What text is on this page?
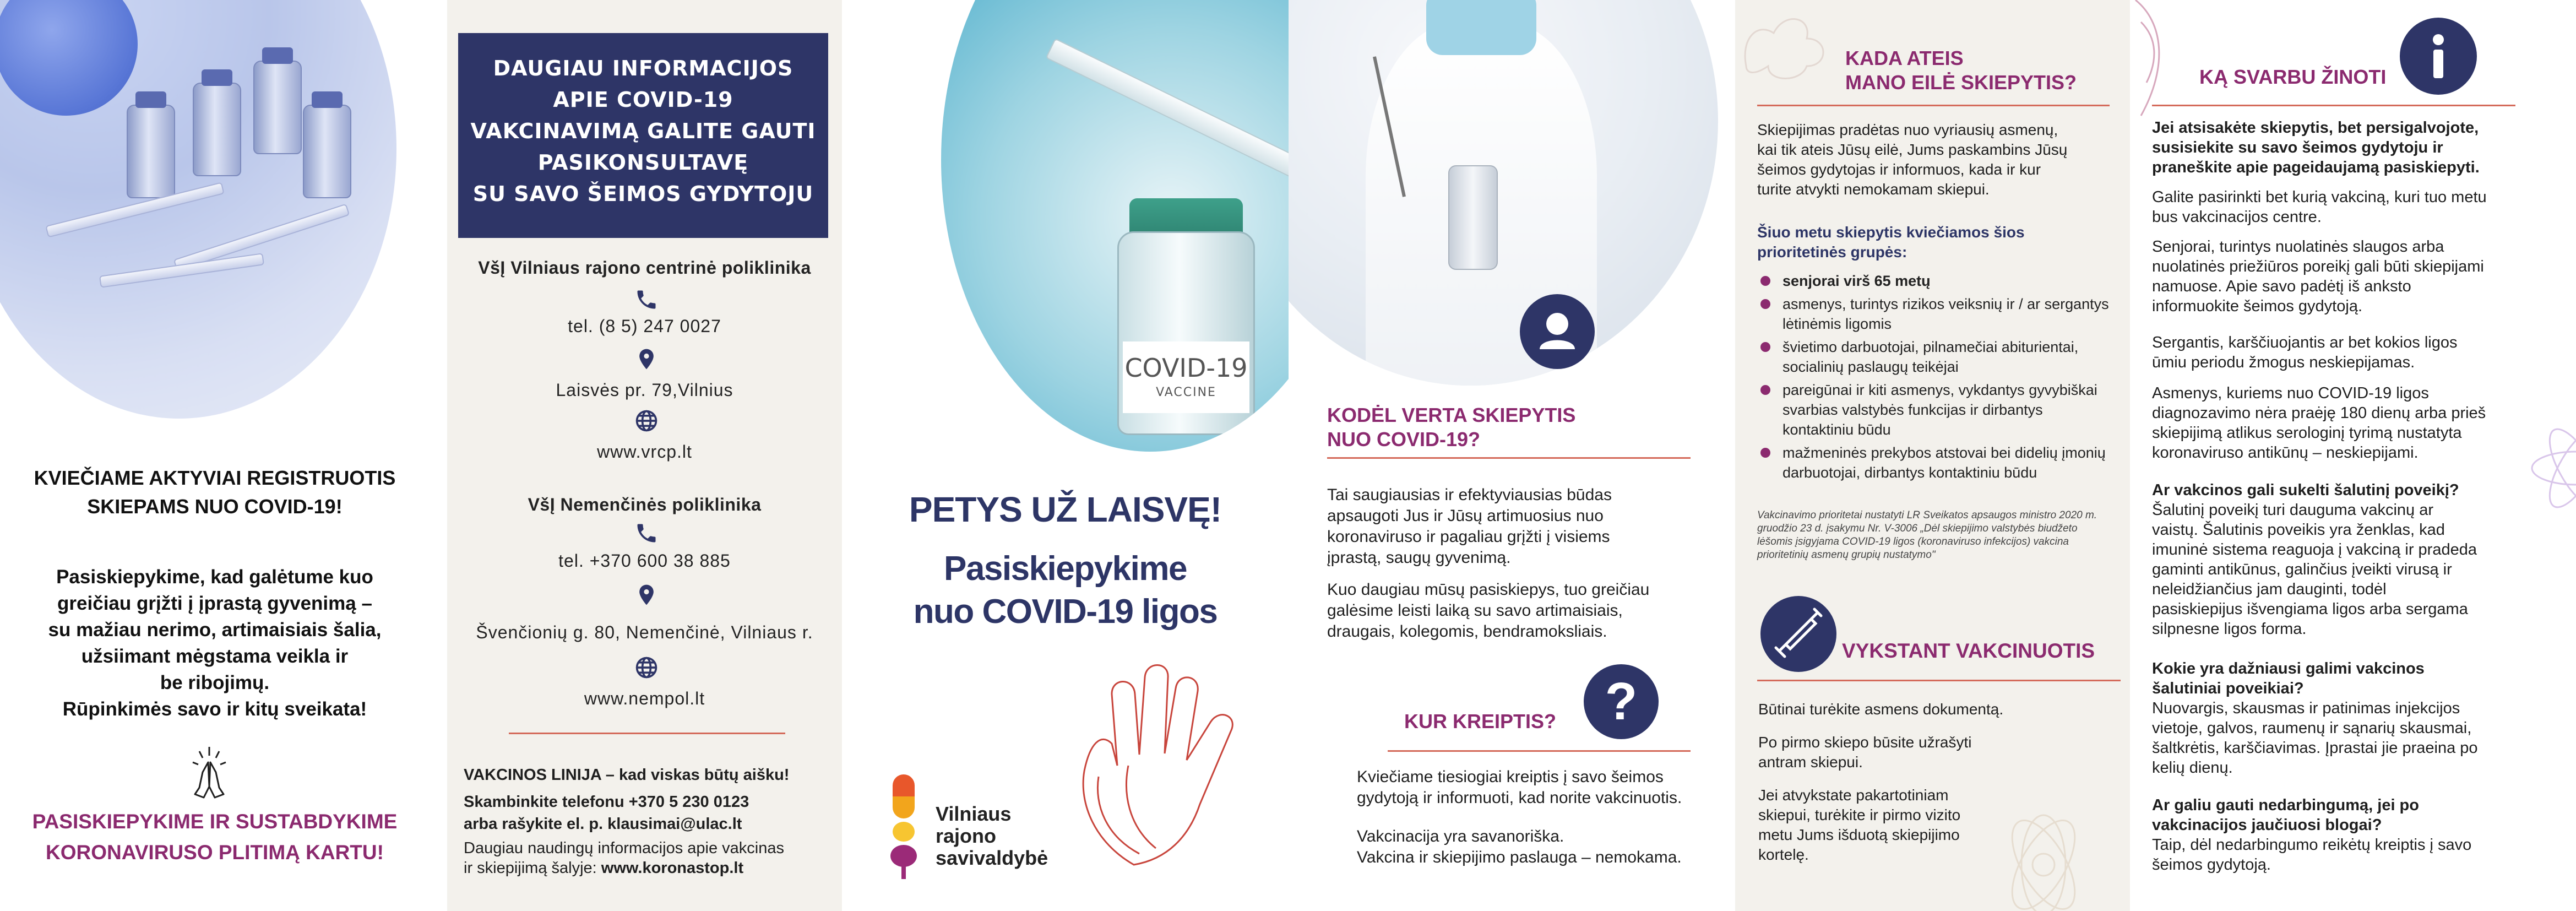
KVIEČIAME AKTYVIAI REGISTRUOTIS
SKIEPAMS NUO COVID-19!
Pasiskiepykime, kad galėtume kuo
greičiau grįžti į įprastą gyvenimą –
su mažiau nerimo, artimaisiais šalia,
užsiimant mėgstama veikla ir
be ribojimų.
Rūpinkimės savo ir kitų sveikata!
PASISKIEPYKIME IR SUSTABDYKIME
KORONAVIRUSO PLITIMĄ KARTU!
DAUGIAU INFORMACIJOS
APIE COVID-19
VAKCINAVIMĄ GALITE GAUTI
PASIKONSULTAVĘ
SU SAVO ŠEIMOS GYDYTOJU
VšĮ Vilniaus rajono centrinė poliklinika
tel. (8 5) 247 0027
Laisvės pr. 79,Vilnius
www.vrcp.lt
VšĮ Nemenčinės poliklinika
tel. +370 600 38 885
Švenčionių g. 80, Nemenčinė, Vilniaus r.
www.nempol.lt
VAKCINOS LINIJA – kad viskas būtų aišku!
Skambinkite telefonu +370 5 230 0123
arba rašykite el. p. klausimai@ulac.lt
Daugiau naudingų informacijos apie vakcinas
ir skiepijimą šalyje: www.koronastop.lt
COVID-19
VACCINE
PETYS UŽ LAISVĘ!
Pasiskiepykime
nuo COVID-19 ligos
Vilniaus
rajono
savivaldybė
KODĖL VERTA SKIEPYTIS
NUO COVID-19?
Tai saugiausias ir efektyviausias būdas
apsaugoti Jus ir Jūsų artimuosius nuo
koronaviruso ir pagaliau grįžti į visiems
įprastą, saugų gyvenimą.
Kuo daugiau mūsų pasiskiepys, tuo greičiau
galėsime leisti laiką su savo artimaisiais,
draugais, kolegomis, bendramoksliais.
KUR KREIPTIS? ?
Kviečiame tiesiogiai kreiptis į savo šeimos
gydytoją ir informuoti, kad norite vakcinuotis.
Vakcinacija yra savanoriška.
Vakcina ir skiepijimo paslauga – nemokama.
KADA ATEIS
MANO EILĖ SKIEPYTIS?
Skiepijimas pradėtas nuo vyriausių asmenų,
kai tik ateis Jūsų eilė, Jums paskambins Jūsų
šeimos gydytojas ir informuos, kada ir kur
turite atvykti nemokamam skiepui.
Šiuo metu skiepytis kviečiamos šios
prioritetinės grupės:
senjorai virš 65 metų
asmenys, turintys rizikos veiksnių ir / ar sergantys lėtinėmis ligomis
švietimo darbuotojai, pilnamečiai abiturientai, socialinių paslaugų teikėjai
pareigūnai ir kiti asmenys, vykdantys gyvybiškai svarbias valstybės funkcijas ir dirbantys kontaktiniu būdu
mažmeninės prekybos atstovai bei didelių įmonių darbuotojai, dirbantys kontaktiniu būdu
Vakcinavimo prioritetai nustatyti LR Sveikatos apsaugos ministro 2020 m.
gruodžio 23 d. įsakymu Nr. V-3006 „Dėl skiepijimo valstybės biudžeto
lėšomis įsigyjama COVID-19 ligos (koronaviruso infekcijos) vakcina
prioritetinių asmenų grupių nustatymo"
VYKSTANT VAKCINUOTIS
Būtinai turėkite asmens dokumentą.
Po pirmo skiepo būsite užrašyti
antram skiepui.
Jei atvykstate pakartotiniam
skiepui, turėkite ir pirmo vizito
metu Jums išduotą skiepijimo
kortelę.
KĄ SVARBU ŽINOTI
Jei atsisakėte skiepytis, bet persigalvojote,
susisiekite su savo šeimos gydytoju ir
praneškite apie pageidaujamą pasiskiepyti.
Galite pasirinkti bet kurią vakciną, kuri tuo metu
bus vakcinacijos centre.
Senjorai, turintys nuolatinės slaugos arba
nuolatinės priežiūros poreikį gali būti skiepijami
namuose. Apie savo padėtį iš anksto
informuokite šeimos gydytoją.
Sergantis, karščiuojantis ar bet kokios ligos
ūmiu periodu žmogus neskiepijamas.
Asmenys, kuriems nuo COVID-19 ligos
diagnozavimo nėra praėję 180 dienų arba prieš
skiepijimą atlikus serologinį tyrimą nustatyta
koronaviruso antikūnų – neskiepijami.
Ar vakcinos gali sukelti šalutinį poveikį?
Šalutinį poveikį turi dauguma vakcinų ar
vaistų. Šalutinis poveikis yra ženklas, kad
imuninė sistema reaguoja į vakciną ir pradeda
gaminti antikūnus, galinčius įveikti virusą ir
neleidžiančius jam dauginti, todėl
pasiskiepijus išvengiama ligos arba sergama
silpnesne ligos forma.
Kokie yra dažniausi galimi vakcinos
šalutiniai poveikiai?
Nuovargis, skausmas ir patinimas injekcijos
vietoje, galvos, raumenų ir sąnarių skausmai,
šaltkrėtis, karščiavimas. Įprastai jie praeina po
kelių dienų.
Ar galiu gauti nedarbingumą, jei po
vakcinacijos jaučiuosi blogai?
Taip, dėl nedarbingumo reikėtų kreiptis į savo
šeimos gydytoją.
